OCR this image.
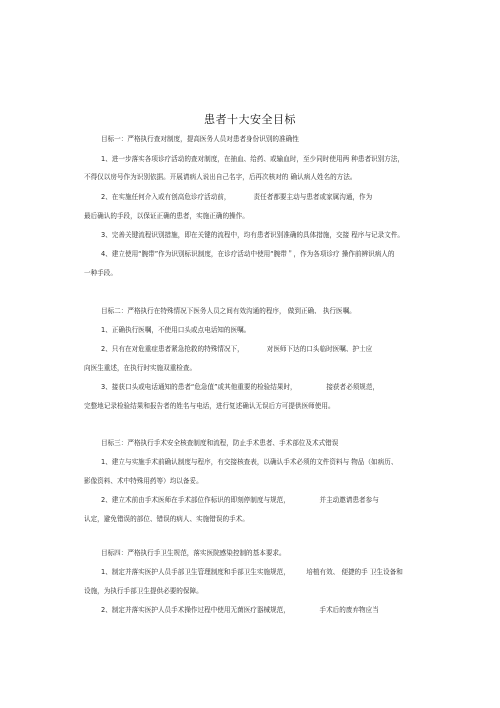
患者十大安全目标
目标一：严格执行查对制度，提高医务人员对患者身份识别的准确性
1、进一步落实各项诊疗活动的查对制度，在抽血、给药、或输血时，至少同时使用两 种患者识别方法，
不得仅以房号作为识别依据。开展请病人说出自己名字，后再次核对的 确认病人姓名的方法。
2、在实施任何介入或有创高危诊疗活动前，　　　　责任者都要主动与患者或家属沟通，作为
最后确认的手段，以保证正确的患者，实施正确的操作。
3、完善关键流程识别措施，即在关键的流程中，均有患者识别准确的具体措施，交接 程序与记录文件。
4、建立使用“腕带”作为识别标识制度，在诊疗活动中使用“腕带＂，作为各项诊疗 操作前辨识病人的
一种手段。
目标二：严格执行在特殊情况下医务人员之间有效沟通的程序， 做到正确、 执行医嘱。
1、正确执行医嘱，不使用口头或点电话知的医嘱。
2、只有在对危重症患者紧急抢救的特殊情况下，　　　　对医师下达的口头临时医嘱、护士应
向医生重述，在执行时实施双重检查。
3、接获口头或电话通知的患者“危急值”或其他重要的检验结果时，　　　　　接获者必须规范，
完整地记录检验结果和报告者的姓名与电话，进行复述确认无误后方可提供医师使用。
目标三：严格执行手术安全核查制度和流程，防止手术患者、手术部位及术式错误
1、建立与实施手术前确认制度与程序，有交接核查表，以确认手术必须的文件资料与 物品（如病历、
影像资料、术中特殊用药等）均以备妥。
2、建立术前由手术医师在手术部位作标识的即刻停制度与规范，　　　　　并主动邀请患者参与
认定，避免错误的部位、错误的病人、实施错误的手术。
目标四：严格执行手卫生规范，落实医院感染控制的基本要求。
1、制定并落实医护人员手部卫生管理制度和手部卫生实施规范，　　　培植有效、 便捷的手 卫生设备和
设施，为执行手部卫生提供必要的保障。
2、制定并落实医护人员手术操作过程中使用无菌医疗器械规范，　　　　　手术后的废弃物应当
